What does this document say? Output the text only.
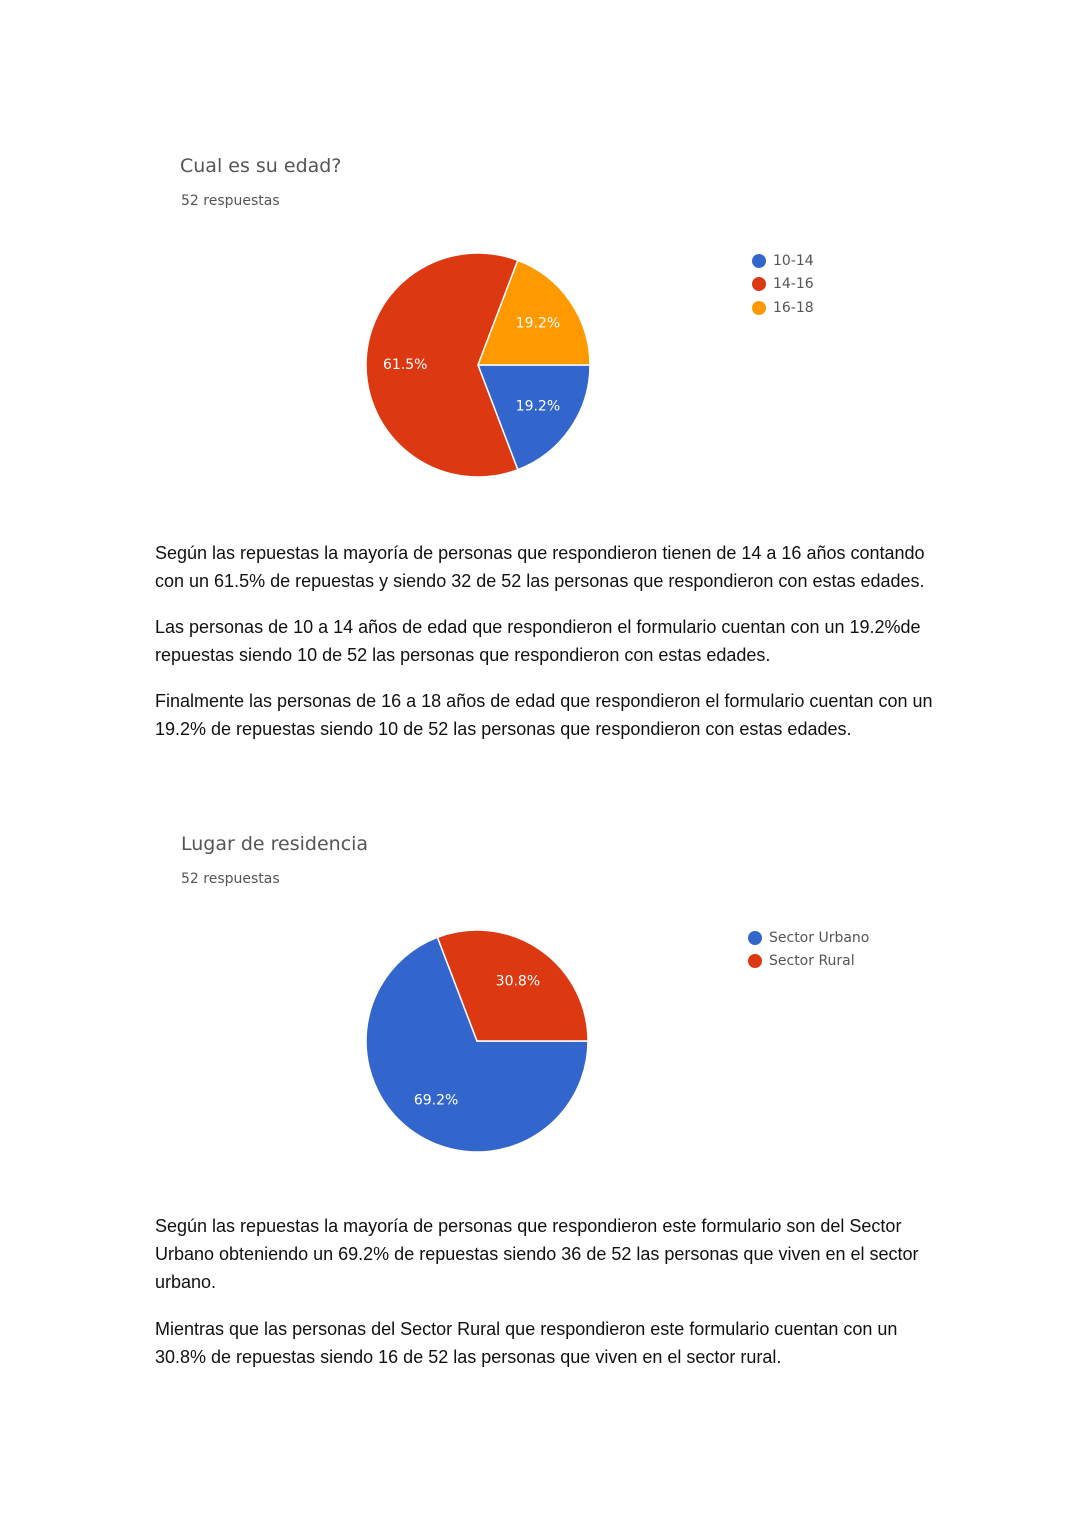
Cual es su edad?
52 respuestas
19.2%
61.5%
19.2%
10-14
14-16
16-18

Según las repuestas la mayoría de personas que respondieron tienen de 14 a 16 años contando con un 61.5% de repuestas y siendo 32 de 52 las personas que respondieron con estas edades.

Las personas de 10 a 14 años de edad que respondieron el formulario cuentan con un 19.2%de repuestas siendo 10 de 52 las personas que respondieron con estas edades.

Finalmente las personas de 16 a 18 años de edad que respondieron el formulario cuentan con un 19.2% de repuestas siendo 10 de 52 las personas que respondieron con estas edades.

Lugar de residencia
52 respuestas
69.2%
30.8%
Sector Urbano
Sector Rural

Según las repuestas la mayoría de personas que respondieron este formulario son del Sector Urbano obteniendo un 69.2% de repuestas siendo 36 de 52 las personas que viven en el sector urbano.

Mientras que las personas del Sector Rural que respondieron este formulario cuentan con un 30.8% de repuestas siendo 16 de 52 las personas que viven en el sector rural.
